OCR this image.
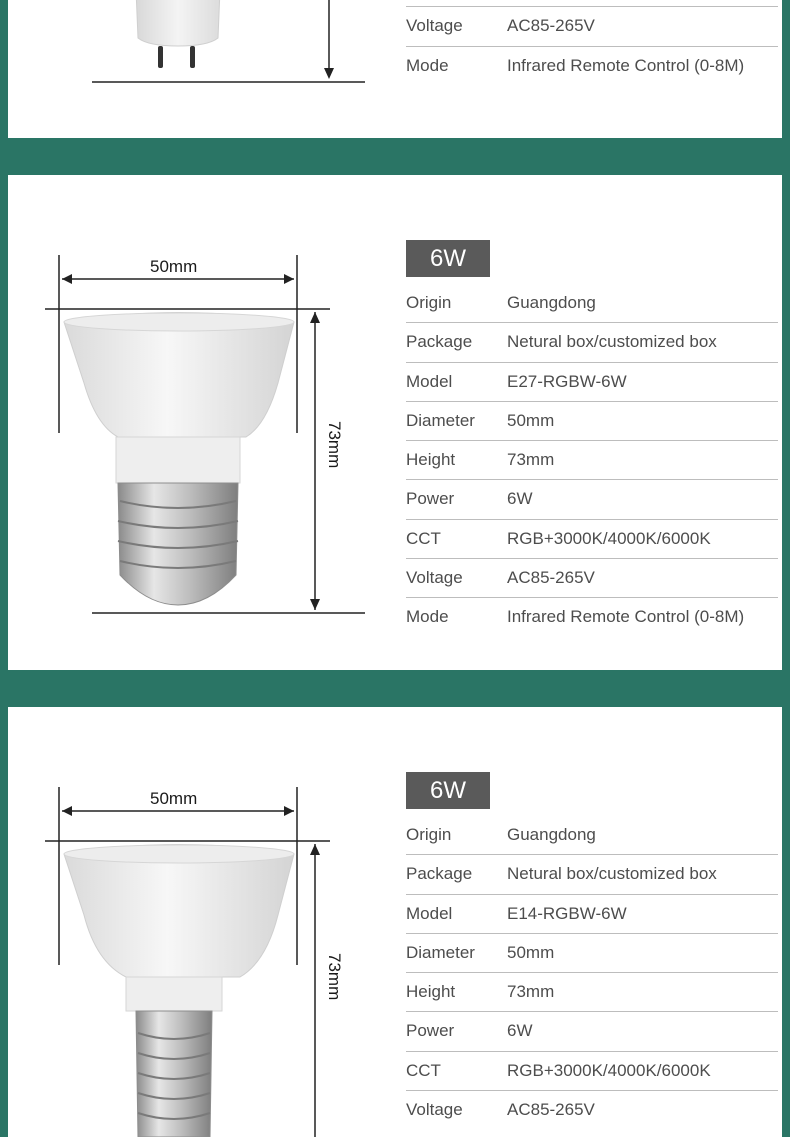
Voltage	AC85-265V
Mode	Infrared Remote Control (0-8M)
50mm
73mm
6W
Origin	Guangdong
Package Netural box/customized box
Model	E27-RGBW-6W
Diameter 50mm
Height	73mm
Power	6W
CCT	RGB+3000K/4000K/6000K
Voltage	AC85-265V
Mode	Infrared Remote Control (0-8M)
50mm
73mm
6W
Origin	Guangdong
Package Netural box/customized box
Model	E14-RGBW-6W
Diameter 50mm
Height	73mm
Power	6W
CCT	RGB+3000K/4000K/6000K
Voltage	AC85-265V
